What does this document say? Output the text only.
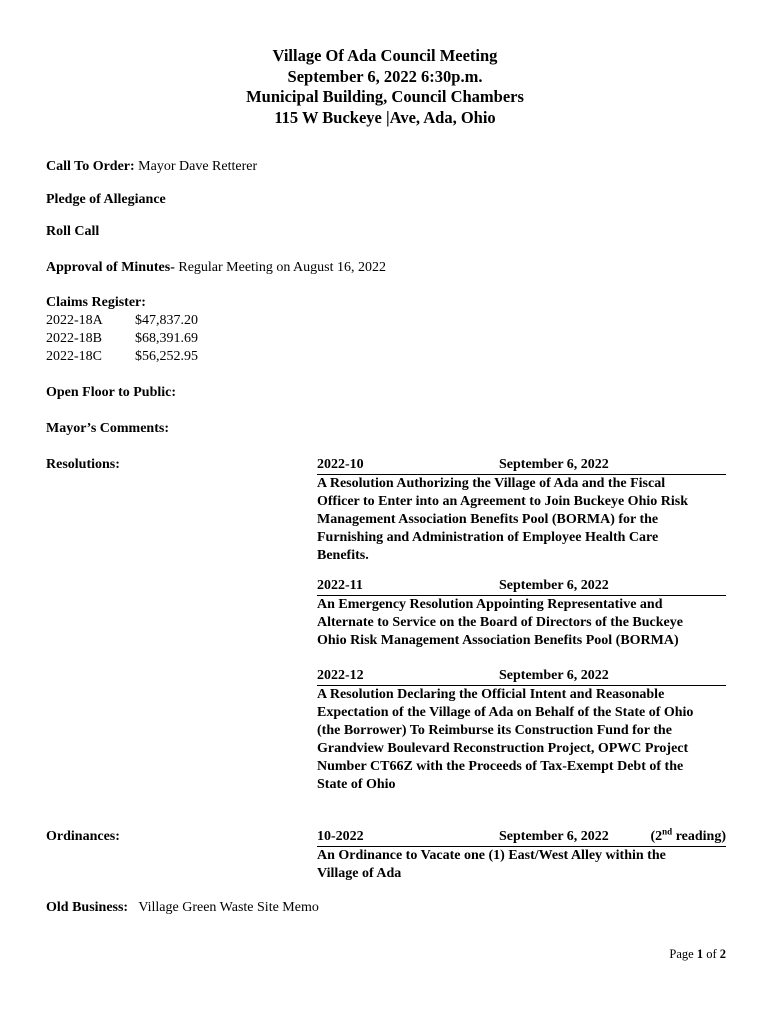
Village Of Ada Council Meeting
September 6, 2022 6:30p.m.
Municipal Building, Council Chambers
115 W Buckeye |Ave, Ada, Ohio
Call To Order: Mayor Dave Retterer
Pledge of Allegiance
Roll Call
Approval of Minutes- Regular Meeting on August 16, 2022
Claims Register:
2022-18A	$47,837.20
2022-18B	$68,391.69
2022-18C	$56,252.95
Open Floor to Public:
Mayor’s Comments:
Resolutions:	2022-10	September 6, 2022
A Resolution Authorizing the Village of Ada and the Fiscal
Officer to Enter into an Agreement to Join Buckeye Ohio Risk
Management Association Benefits Pool (BORMA) for the
Furnishing and Administration of Employee Health Care
Benefits.
2022-11	September 6, 2022
An Emergency Resolution Appointing Representative and
Alternate to Service on the Board of Directors of the Buckeye
Ohio Risk Management Association Benefits Pool (BORMA)
2022-12	September 6, 2022
A Resolution Declaring the Official Intent and Reasonable
Expectation of the Village of Ada on Behalf of the State of Ohio
(the Borrower) To Reimburse its Construction Fund for the
Grandview Boulevard Reconstruction Project, OPWC Project
Number CT66Z with the Proceeds of Tax-Exempt Debt of the
State of Ohio
Ordinances:	10-2022	September 6, 2022	(2nd reading)
An Ordinance to Vacate one (1) East/West Alley within the
Village of Ada
Old Business: Village Green Waste Site Memo
Page 1 of 2
